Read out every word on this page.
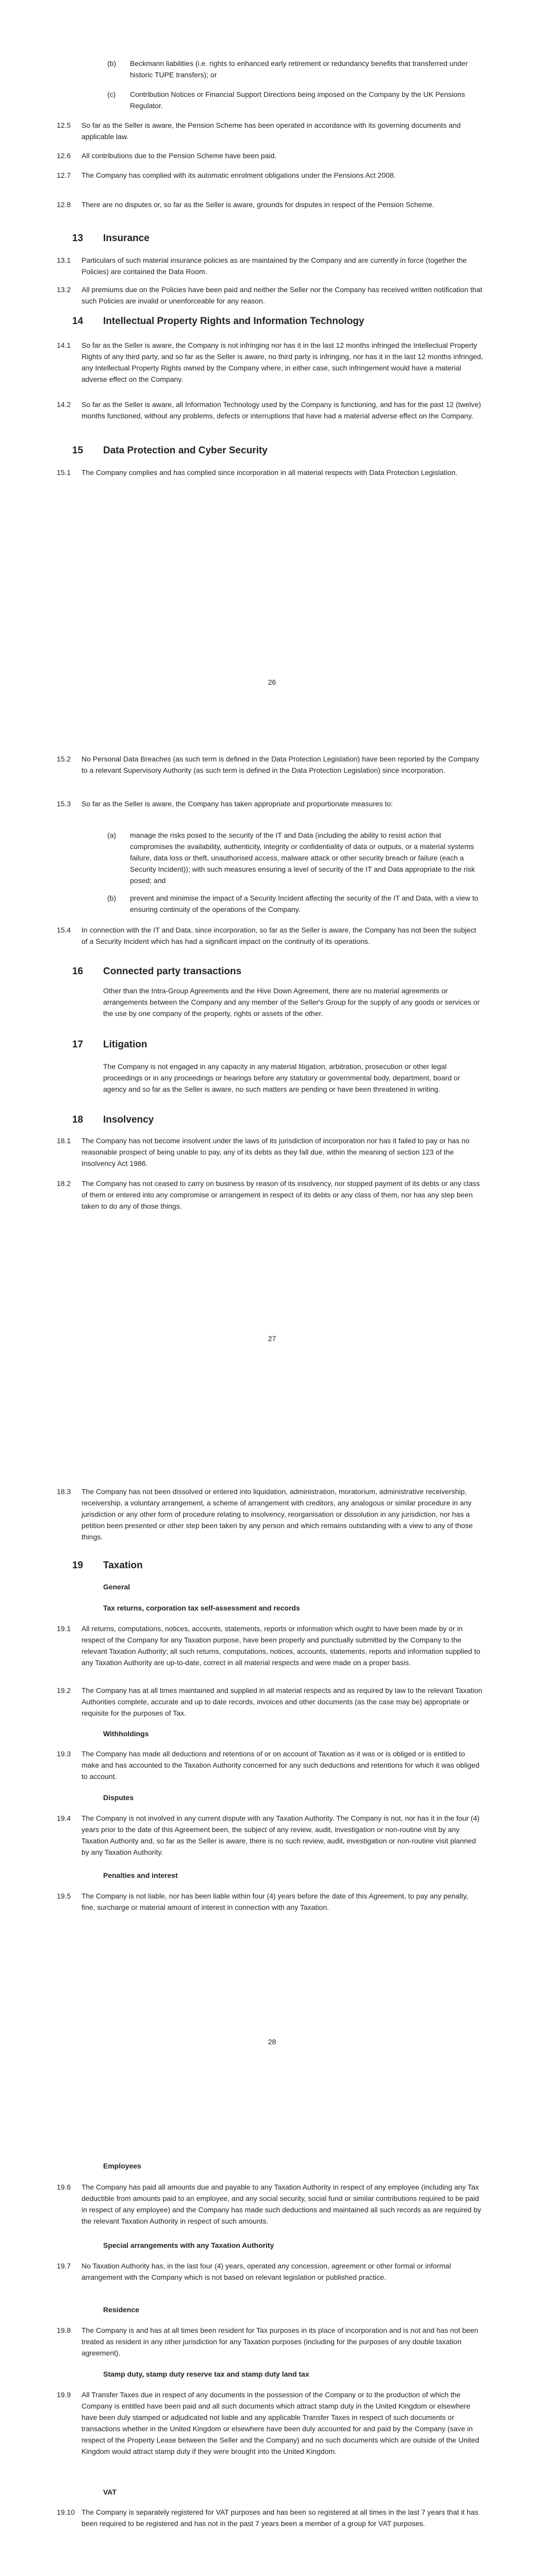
(b) Beckmann liabilities (i.e. rights to enhanced early retirement or redundancy benefits that transferred under historic TUPE transfers); or

(c) Contribution Notices or Financial Support Directions being imposed on the Company by the UK Pensions Regulator.

12.5 So far as the Seller is aware, the Pension Scheme has been operated in accordance with its governing documents and applicable law.

12.6 All contributions due to the Pension Scheme have been paid.

12.7 The Company has complied with its automatic enrolment obligations under the Pensions Act 2008.

12.8 There are no disputes or, so far as the Seller is aware, grounds for disputes in respect of the Pension Scheme.

13 Insurance
13.1 Particulars of such material insurance policies as are maintained by the Company and are currently in force (together the Policies) are contained the Data Room.

13.2 All premiums due on the Policies have been paid and neither the Seller nor the Company has received written notification that such Policies are invalid or unenforceable for any reason.

14 Intellectual Property Rights and Information Technology
14.1 So far as the Seller is aware, the Company is not infringing nor has it in the last 12 months infringed the Intellectual Property Rights of any third party, and so far as the Seller is aware, no third party is infringing, nor has it in the last 12 months infringed, any Intellectual Property Rights owned by the Company where, in either case, such infringement would have a material adverse effect on the Company.

14.2 So far as the Seller is aware, all Information Technology used by the Company is functioning, and has for the past 12 (twelve) months functioned, without any problems, defects or interruptions that have had a material adverse effect on the Company.

15 Data Protection and Cyber Security
15.1 The Company complies and has complied since incorporation in all material respects with Data Protection Legislation.

26
15.2 No Personal Data Breaches (as such term is defined in the Data Protection Legislation) have been reported by the Company to a relevant Supervisory Authority (as such term is defined in the Data Protection Legislation) since incorporation.

15.3 So far as the Seller is aware, the Company has taken appropriate and proportionate measures to:

(a) manage the risks posed to the security of the IT and Data (including the ability to resist action that compromises the availability, authenticity, integrity or confidentiality of data or outputs, or a material systems failure, data loss or theft, unauthorised access, malware attack or other security breach or failure (each a Security Incident)); with such measures ensuring a level of security of the IT and Data appropriate to the risk posed; and

(b) prevent and minimise the impact of a Security Incident affecting the security of the IT and Data, with a view to ensuring continuity of the operations of the Company.

15.4 In connection with the IT and Data, since incorporation, so far as the Seller is aware, the Company has not been the subject of a Security Incident which has had a significant impact on the continuity of its operations.

16 Connected party transactions

Other than the Intra-Group Agreements and the Hive Down Agreement, there are no material agreements or arrangements between the Company and any member of the Seller's Group for the supply of any goods or services or the use by one company of the property, rights or assets of the other.

17 Litigation

The Company is not engaged in any capacity in any material litigation, arbitration, prosecution or other legal proceedings or in any proceedings or hearings before any statutory or governmental body, department, board or agency and so far as the Seller is aware, no such matters are pending or have been threatened in writing.

18 Insolvency
18.1 The Company has not become insolvent under the laws of its jurisdiction of incorporation nor has it failed to pay or has no reasonable prospect of being unable to pay, any of its debts as they fall due, within the meaning of section 123 of the Insolvency Act 1986.

18.2 The Company has not ceased to carry on business by reason of its insolvency, nor stopped payment of its debts or any class of them or entered into any compromise or arrangement in respect of its debts or any class of them, nor has any step been taken to do any of those things.

27
18.3 The Company has not been dissolved or entered into liquidation, administration, moratorium, administrative receivership, receivership, a voluntary arrangement, a scheme of arrangement with creditors, any analogous or similar procedure in any jurisdiction or any other form of procedure relating to insolvency, reorganisation or dissolution in any jurisdiction, nor has a petition been presented or other step been taken by any person and which remains outstanding with a view to any of those things.

19 Taxation
General
Tax returns, corporation tax self-assessment and records
19.1 All returns, computations, notices, accounts, statements, reports or information which ought to have been made by or in respect of the Company for any Taxation purpose, have been properly and punctually submitted by the Company to the relevant Taxation Authority; all such returns, computations, notices, accounts, statements, reports and information supplied to any Taxation Authority are up-to-date, correct in all material respects and were made on a proper basis.

19.2 The Company has at all times maintained and supplied in all material respects and as required by law to the relevant Taxation Authorities complete, accurate and up to date records, invoices and other documents (as the case may be) appropriate or requisite for the purposes of Tax.

Withholdings
19.3 The Company has made all deductions and retentions of or on account of Taxation as it was or is obliged or is entitled to make and has accounted to the Taxation Authority concerned for any such deductions and retentions for which it was obliged to account.

Disputes
19.4 The Company is not involved in any current dispute with any Taxation Authority. The Company is not, nor has it in the four (4) years prior to the date of this Agreement been, the subject of any review, audit, investigation or non-routine visit by any Taxation Authority and, so far as the Seller is aware, there is no such review, audit, investigation or non-routine visit planned by any Taxation Authority.

Penalties and interest
19.5 The Company is not liable, nor has been liable within four (4) years before the date of this Agreement, to pay any penalty, fine, surcharge or material amount of interest in connection with any Taxation.

28
Employees
19.6 The Company has paid all amounts due and payable to any Taxation Authority in respect of any employee (including any Tax deductible from amounts paid to an employee, and any social security, social fund or similar contributions required to be paid in respect of any employee) and the Company has made such deductions and maintained all such records as are required by the relevant Taxation Authority in respect of such amounts.

Special arrangements with any Taxation Authority
19.7 No Taxation Authority has, in the last four (4) years, operated any concession, agreement or other formal or informal arrangement with the Company which is not based on relevant legislation or published practice.

Residence
19.8 The Company is and has at all times been resident for Tax purposes in its place of incorporation and is not and has not been treated as resident in any other jurisdiction for any Taxation purposes (including for the purposes of any double taxation agreement).

Stamp duty, stamp duty reserve tax and stamp duty land tax
19.9 All Transfer Taxes due in respect of any documents in the possession of the Company or to the production of which the Company is entitled have been paid and all such documents which attract stamp duty in the United Kingdom or elsewhere have been duly stamped or adjudicated not liable and any applicable Transfer Taxes in respect of such documents or transactions whether in the United Kingdom or elsewhere have been duly accounted for and paid by the Company (save in respect of the Property Lease between the Seller and the Company) and no such documents which are outside of the United Kingdom would attract stamp duty if they were brought into the United Kingdom.

VAT
19.10 The Company is separately registered for VAT purposes and has been so registered at all times in the last 7 years that it has been required to be registered and has not in the past 7 years been a member of a group for VAT purposes.
